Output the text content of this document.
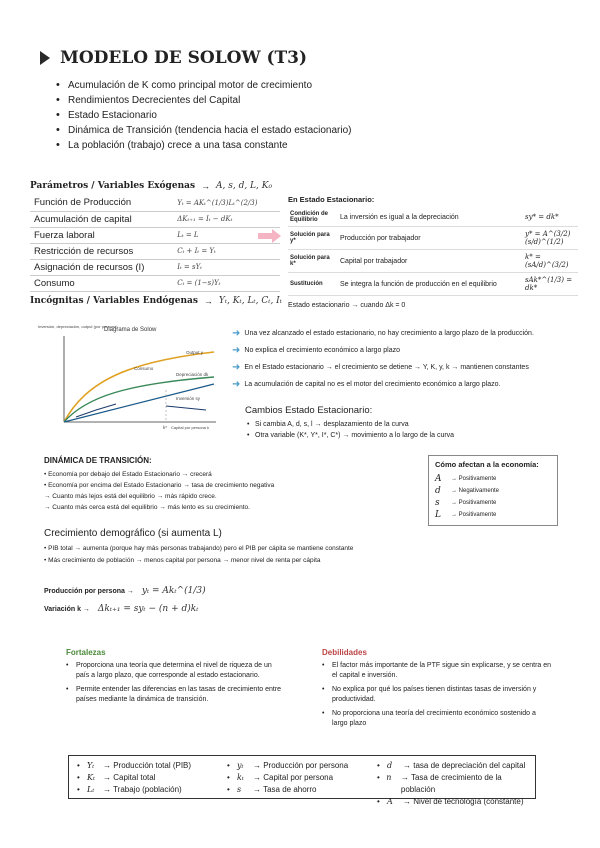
MODELO DE SOLOW (T3)
• Acumulación de K como principal motor de crecimiento
• Rendimientos Decrecientes del Capital
• Estado Estacionario
• Dinámica de Transición (tendencia hacia el estado estacionario)
• La población (trabajo) crece a una tasa constante
Parámetros / Variables Exógenas → A, s, d, L, K₀
Función de Producción	Yₜ = AKₜ^(1/3)Lₜ^(2/3)
Acumulación de capital	ΔKₜ₊₁ = Iₜ − dKₜ
Fuerza laboral	Lₜ = L
Restricción de recursos	Cₜ + Iₜ = Yₜ
Asignación de recursos (I)	Iₜ = sYₜ
Consumo	Cₜ = (1−s)Yₜ
Incógnitas / Variables Endógenas → Yₜ, Kₜ, Lₜ, Cₜ, Iₜ
En Estado Estacionario:
Condición de Equilibrio	La inversión es igual a la depreciación	sy* = dk*
Solución para y*	Producción por trabajador	y* = A^(3/2)(s/d)^(1/2)
Solución para k*	Capital por trabajador	k* = (sA/d)^(3/2)
Sustitución	Se integra la función de producción en el equilibrio	sAk*^(1/3) = dk*
Estado estacionario → cuando Δk = 0
Inversión, depreciación, output (por persona)
Diagrama de Solow
Output y
Consumo
Depreciación dk
Inversión sy
k* Capital por persona k
➜ Una vez alcanzado el estado estacionario, no hay crecimiento a largo plazo de la producción.
➜ No explica el crecimiento económico a largo plazo
➜ En el Estado estacionario → el crecimiento se detiene → Y, K, y, k → mantienen constantes
➜ La acumulación de capital no es el motor del crecimiento económico a largo plazo.
Cambios Estado Estacionario:
• Si cambia A, d, s, l → desplazamiento de la curva
• Otra variable (K*, Y*, I*, C*) → movimiento a lo largo de la curva
DINÁMICA DE TRANSICIÓN:
• Economía por debajo del Estado Estacionario → crecerá
• Economía por encima del Estado Estacionario → tasa de crecimiento negativa
→ Cuanto más lejos está del equilibrio → más rápido crece.
→ Cuanto más cerca está del equilibrio → más lento es su crecimiento.
Cómo afectan a la economía:
A	→ Positivamente
d	→ Negativamente
s	→ Positivamente
L	→ Positivamente
Crecimiento demográfico (si aumenta L)
• PIB total → aumenta (porque hay más personas trabajando) pero el PIB per cápita se mantiene constante
• Más crecimiento de población → menos capital por persona → menor nivel de renta per cápita
Producción por persona → yₜ = Akₜ^(1/3)
Variación k → Δkₜ₊₁ = syₜ − (n + d)kₜ
Fortalezas
• Proporciona una teoría que determina el nivel de riqueza de un país a largo plazo, que corresponde al estado estacionario.
• Permite entender las diferencias en las tasas de crecimiento entre países mediante la dinámica de transición.
Debilidades
• El factor más importante de la PTF sigue sin explicarse, y se centra en el capital e inversión.
• No explica por qué los países tienen distintas tasas de inversión y productividad.
• No proporciona una teoría del crecimiento económico sostenido a largo plazo
• Yₜ	→ Producción total (PIB)
• Kₜ	→ Capital total
• Lₜ	→ Trabajo (población)
• yₜ	→ Producción por persona
• kₜ	→ Capital por persona
• s	→ Tasa de ahorro
• d	→ tasa de depreciación del capital
• n	→ Tasa de crecimiento de la población
• A	→ Nivel de tecnología (constante)
